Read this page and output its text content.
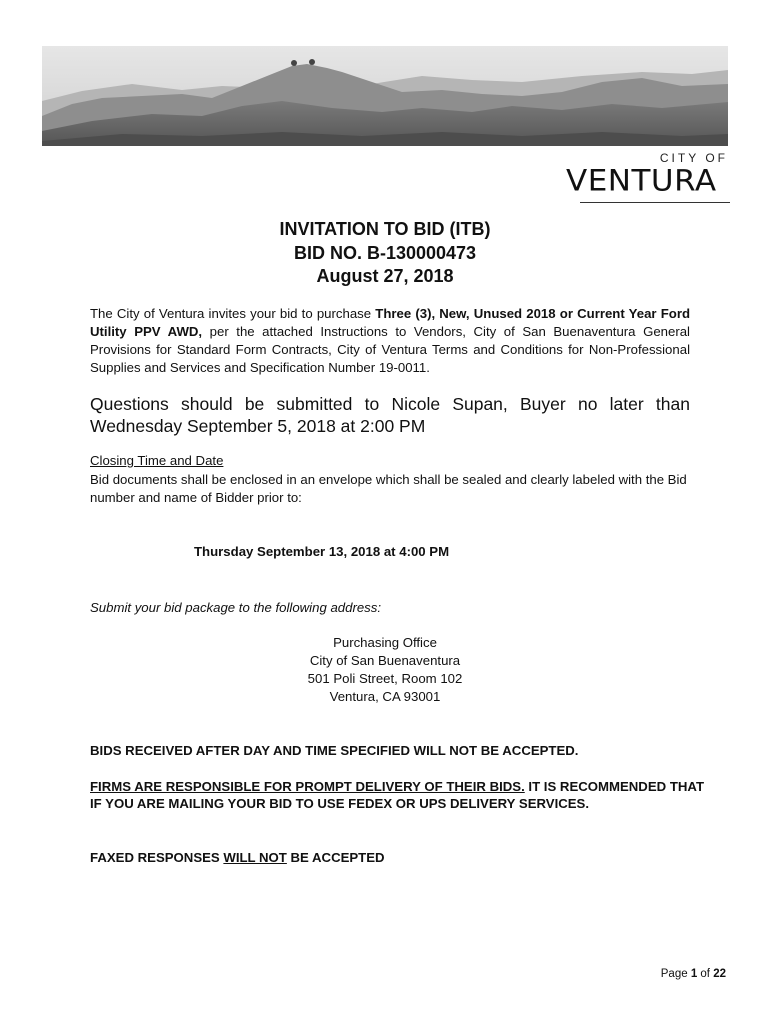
CITY OF
VENTURA
INVITATION TO BID (ITB)
BID NO. B-130000473
August 27, 2018
The City of Ventura invites your bid to purchase Three (3), New, Unused 2018 or Current Year Ford Utility PPV AWD, per the attached Instructions to Vendors, City of San Buenaventura General Provisions for Standard Form Contracts, City of Ventura Terms and Conditions for Non-Professional Supplies and Services and Specification Number 19-0011.
Questions should be submitted to Nicole Supan, Buyer no later than Wednesday September 5, 2018 at 2:00 PM
Closing Time and Date
Bid documents shall be enclosed in an envelope which shall be sealed and clearly labeled with the Bid number and name of Bidder prior to:
Thursday September 13, 2018 at 4:00 PM
Submit your bid package to the following address:
Purchasing Office
City of San Buenaventura
501 Poli Street, Room 102
Ventura, CA 93001
BIDS RECEIVED AFTER DAY AND TIME SPECIFIED WILL NOT BE ACCEPTED.
FIRMS ARE RESPONSIBLE FOR PROMPT DELIVERY OF THEIR BIDS. IT IS RECOMMENDED THAT IF YOU ARE MAILING YOUR BID TO USE FEDEX OR UPS DELIVERY SERVICES.
FAXED RESPONSES WILL NOT BE ACCEPTED
Page 1 of 22
